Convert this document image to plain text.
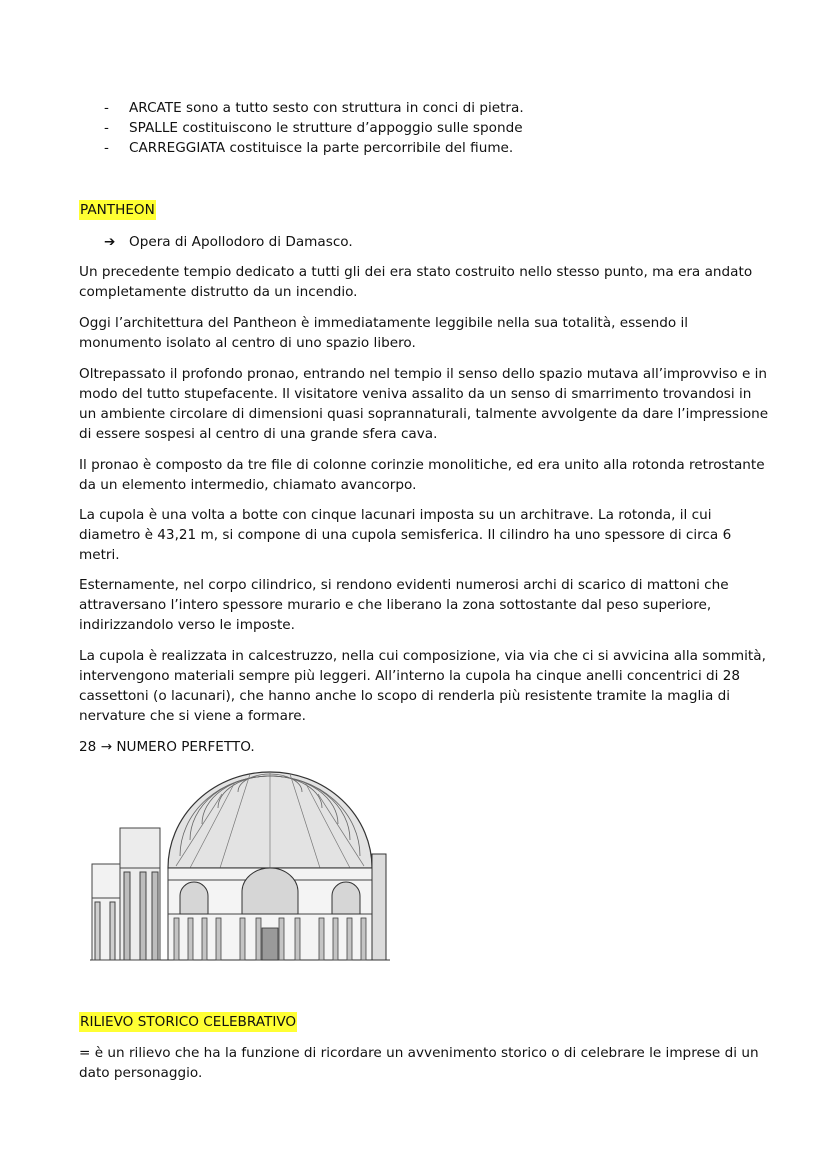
-	ARCATE sono a tutto sesto con struttura in conci di pietra.
-	SPALLE costituiscono le strutture d’appoggio sulle sponde
-	CARREGGIATA costituisce la parte percorribile del fiume.
PANTHEON
➔	Opera di Apollodoro di Damasco.

Un precedente tempio dedicato a tutti gli dei era stato costruito nello stesso punto, ma era andato completamente distrutto da un incendio.

Oggi l’architettura del Pantheon è immediatamente leggibile nella sua totalità, essendo il monumento isolato al centro di uno spazio libero.

Oltrepassato il profondo pronao, entrando nel tempio il senso dello spazio mutava all’improvviso e in modo del tutto stupefacente. Il visitatore veniva assalito da un senso di smarrimento trovandosi in un ambiente circolare di dimensioni quasi soprannaturali, talmente avvolgente da dare l’impressione di essere sospesi al centro di una grande sfera cava.

Il pronao è composto da tre file di colonne corinzie monolitiche, ed era unito alla rotonda retrostante da un elemento intermedio, chiamato avancorpo.

La cupola è una volta a botte con cinque lacunari imposta su un architrave. La rotonda, il cui diametro è 43,21 m, si compone di una cupola semisferica. Il cilindro ha uno spessore di circa 6 metri.

Esternamente, nel corpo cilindrico, si rendono evidenti numerosi archi di scarico di mattoni che attraversano l’intero spessore murario e che liberano la zona sottostante dal peso superiore, indirizzandolo verso le imposte.

La cupola è realizzata in calcestruzzo, nella cui composizione, via via che ci si avvicina alla sommità, intervengono materiali sempre più leggeri. All’interno la cupola ha cinque anelli concentrici di 28 cassettoni (o lacunari), che hanno anche lo scopo di renderla più resistente tramite la maglia di nervature che si viene a formare.

28 → NUMERO PERFETTO.

RILIEVO STORICO CELEBRATIVO

= è un rilievo che ha la funzione di ricordare un avvenimento storico o di celebrare le imprese di un dato personaggio.
